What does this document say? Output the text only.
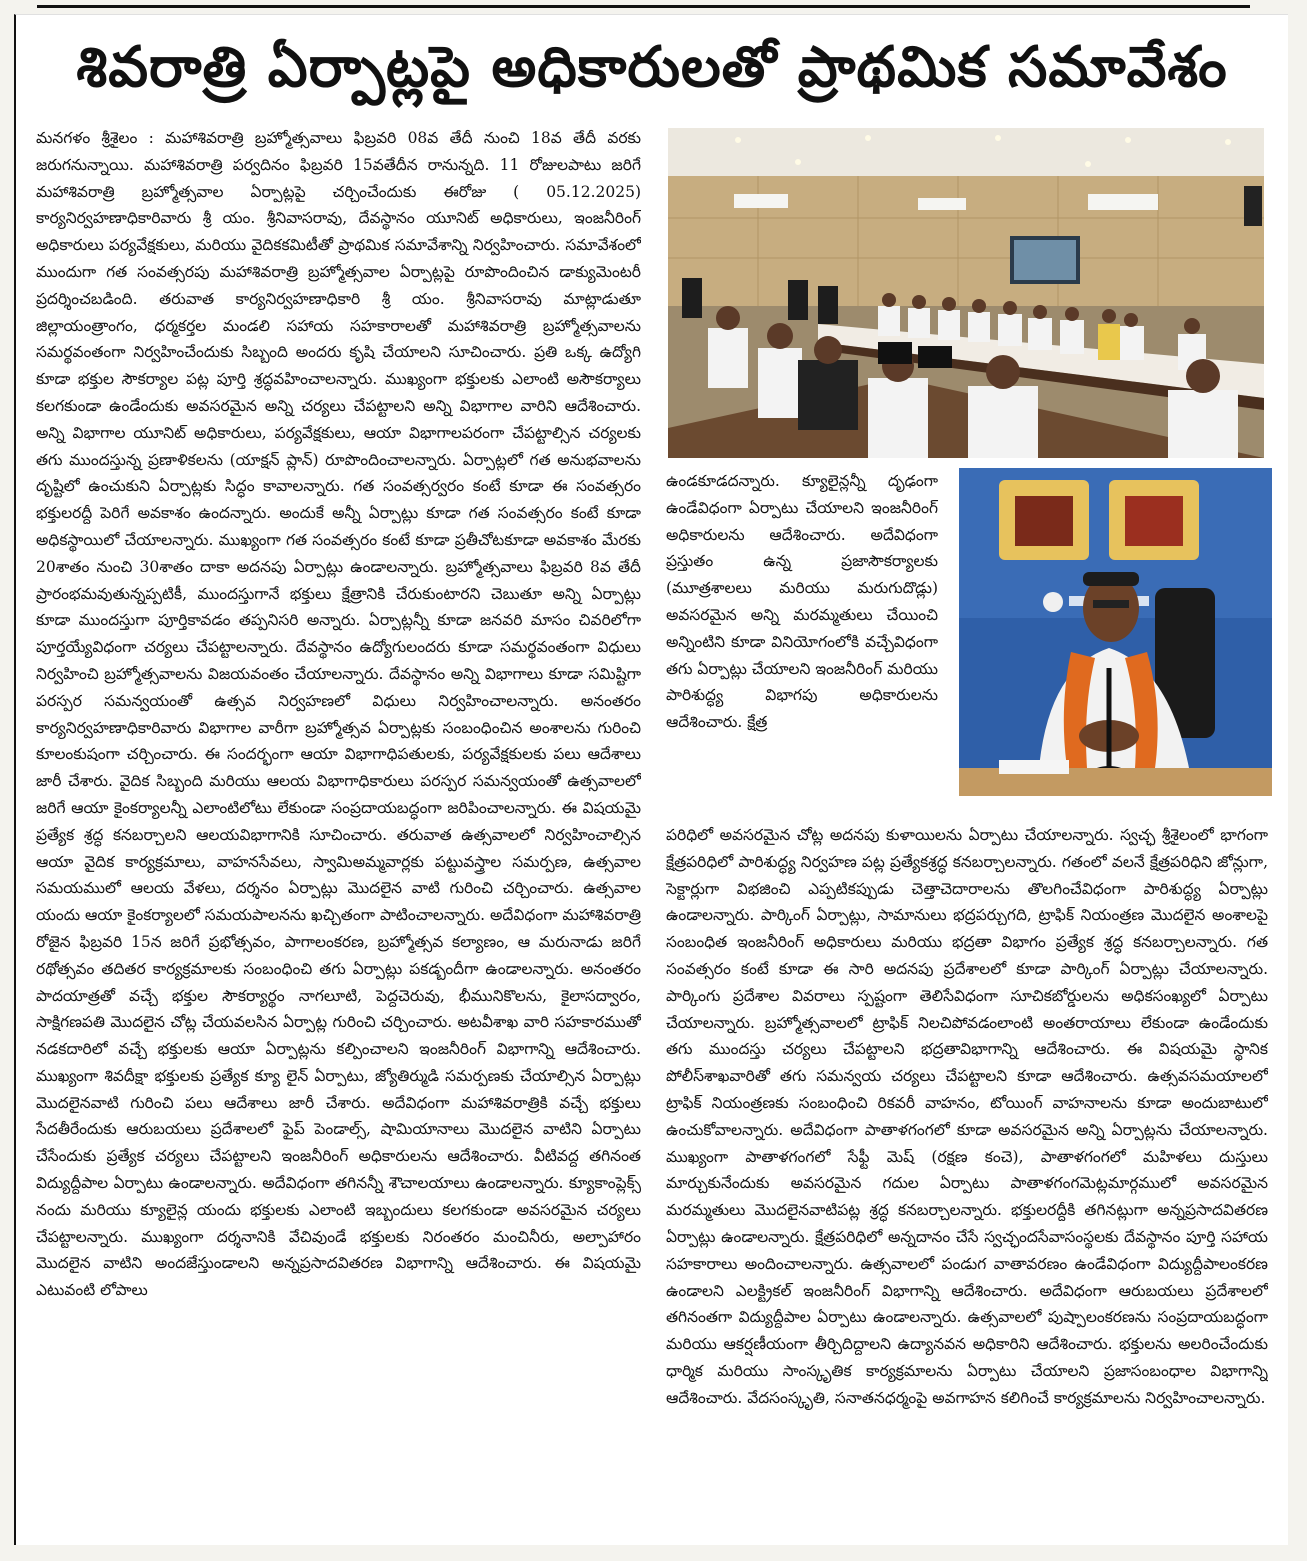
శివరాత్రి ఏర్పాట్లపై అధికారులతో ప్రాథమిక సమావేశం

మనగళం శ్రీశైలం : మహాశివరాత్రి బ్రహ్మోత్సవాలు ఫిబ్రవరి 08వ తేదీ నుంచి 18వ తేదీ వరకు జరుగనున్నాయి. మహాశివరాత్రి పర్వదినం ఫిబ్రవరి 15వతేదీన రానున్నది. 11 రోజులపాటు జరిగే మహాశివరాత్రి బ్రహ్మోత్సవాల ఏర్పాట్లపై చర్చించేందుకు ఈరోజు ( 05.12.2025) కార్యనిర్వహణాధికారివారు శ్రీ యం. శ్రీనివాసరావు, దేవస్థానం యూనిట్ అధికారులు, ఇంజనీరింగ్ అధికారులు పర్యవేక్షకులు, మరియు వైదికకమిటీతో ప్రాథమిక సమావేశాన్ని నిర్వహించారు. సమావేశంలో ముందుగా గత సంవత్సరపు మహాశివరాత్రి బ్రహ్మోత్సవాల ఏర్పాట్లపై రూపొందించిన డాక్యుమెంటరీ ప్రదర్శించబడింది. తరువాత కార్యనిర్వహణాధికారి శ్రీ యం. శ్రీనివాసరావు మాట్లాడుతూ జిల్లాయంత్రాంగం, ధర్మకర్తల మండలి సహాయ సహకారాలతో మహాశివరాత్రి బ్రహ్మోత్సవాలను సమర్థవంతంగా నిర్వహించేందుకు సిబ్బంది అందరు కృషి చేయాలని సూచించారు. ప్రతి ఒక్క ఉద్యోగి కూడా భక్తుల సౌకర్యాల పట్ల పూర్తి శ్రద్ధవహించాలన్నారు. ముఖ్యంగా భక్తులకు ఎలాంటి అసౌకర్యాలు కలగకుండా ఉండేందుకు అవసరమైన అన్ని చర్యలు చేపట్టాలని అన్ని విభాగాల వారిని ఆదేశించారు. అన్ని విభాగాల యూనిట్ అధికారులు, పర్యవేక్షకులు, ఆయా విభాగాలపరంగా చేపట్టాల్సిన చర్యలకు తగు ముందస్తున్న ప్రణాళికలను (యాక్షన్ ప్లాన్) రూపొందించాలన్నారు. ఏర్పాట్లలో గత అనుభవాలను దృష్టిలో ఉంచుకుని ఏర్పాట్లకు సిద్ధం కావాలన్నారు. గత సంవత్సర్వరం కంటే కూడా ఈ సంవత్సరం భక్తులరద్దీ పెరిగే అవకాశం ఉందన్నారు. అందుకే అన్నీ ఏర్పాట్లు కూడా గత సంవత్సరం కంటే కూడా అధికస్థాయిలో చేయాలన్నారు. ముఖ్యంగా గత సంవత్సరం కంటే కూడా ప్రతీచోటకూడా అవకాశం మేరకు 20శాతం నుంచి 30శాతం దాకా అదనపు ఏర్పాట్లు ఉండాలన్నారు. బ్రహ్మోత్సవాలు ఫిబ్రవరి 8వ తేదీ ప్రారంభమవుతున్నప్పటికీ, ముందస్తుగానే భక్తులు క్షేత్రానికి చేరుకుంటారని చెబుతూ అన్ని ఏర్పాట్లు కూడా ముందస్తుగా పూర్తికావడం తప్పనిసరి అన్నారు. ఏర్పాట్లన్నీ కూడా జనవరి మాసం చివరిలోగా పూర్తయ్యేవిధంగా చర్యలు చేపట్టాలన్నారు. దేవస్థానం ఉద్యోగులందరు కూడా సమర్థవంతంగా విధులు నిర్వహించి బ్రహ్మోత్సవాలను విజయవంతం చేయాలన్నారు. దేవస్థానం అన్ని విభాగాలు కూడా సమిష్టిగా పరస్పర సమన్వయంతో ఉత్సవ నిర్వహణలో విధులు నిర్వహించాలన్నారు. అనంతరం కార్యనిర్వహణాధికారివారు విభాగాల వారీగా బ్రహ్మోత్సవ ఏర్పాట్లకు సంబంధించిన అంశాలను గురించి కూలంకుషంగా చర్చించారు. ఈ సందర్భంగా ఆయా విభాగాధిపతులకు, పర్యవేక్షకులకు పలు ఆదేశాలు జారీ చేశారు. వైదిక సిబ్బంది మరియు ఆలయ విభాగాధికారులు పరస్పర సమన్వయంతో ఉత్సవాలలో జరిగే ఆయా కైంకర్యాలన్నీ ఎలాంటిలోటు లేకుండా సంప్రదాయబద్ధంగా జరిపించాలన్నారు. ఈ విషయమై ప్రత్యేక శ్రద్ధ కనబర్చాలని ఆలయవిభాగానికి సూచించారు. తరువాత ఉత్సవాలలో నిర్వహించాల్సిన ఆయా వైదిక కార్యక్రమాలు, వాహనసేవలు, స్వామిఅమ్మవార్లకు పట్టువస్త్రాల సమర్పణ, ఉత్సవాల సమయములో ఆలయ వేళలు, దర్శనం ఏర్పాట్లు మొదలైన వాటి గురించి చర్చించారు. ఉత్సవాల యందు ఆయా కైంకర్యాలలో సమయపాలనను ఖచ్చితంగా పాటించాలన్నారు. అదేవిధంగా మహాశివరాత్రి రోజైన ఫిబ్రవరి 15న జరిగే ప్రభోత్సవం, పాగాలంకరణ, బ్రహ్మోత్సవ కల్యాణం, ఆ మరునాడు జరిగే రథోత్సవం తదితర కార్యక్రమాలకు సంబంధించి తగు ఏర్పాట్లు పకడ్బందీగా ఉండాలన్నారు. అనంతరం పాదయాత్రతో వచ్చే భక్తుల సౌకర్యార్థం నాగలూటి, పెద్దచెరువు, భీమునికొలను, కైలాసద్వారం, సాక్షిగణపతి మొదలైన చోట్ల చేయవలసిన ఏర్పాట్ల గురించి చర్చించారు. అటవీశాఖ వారి సహకారముతో నడకదారిలో వచ్చే భక్తులకు ఆయా ఏర్పాట్లను కల్పించాలని ఇంజనీరింగ్ విభాగాన్ని ఆదేశించారు. ముఖ్యంగా శివదీక్షా భక్తులకు ప్రత్యేక క్యూ లైన్ ఏర్పాటు, జ్యోతిర్ముడి సమర్పణకు చేయాల్సిన ఏర్పాట్లు మొదలైనవాటి గురించి పలు ఆదేశాలు జారీ చేశారు. అదేవిధంగా మహాశివరాత్రికి వచ్చే భక్తులు సేదతీరేందుకు ఆరుబయలు ప్రదేశాలలో ఫైప్ పెండాల్స్, షామియానాలు మొదలైన వాటిని ఏర్పాటు చేసేందుకు ప్రత్యేక చర్యలు చేపట్టాలని ఇంజనీరింగ్ అధికారులను ఆదేశించారు. వీటివద్ద తగినంత విద్యుద్దీపాల ఏర్పాటు ఉండాలన్నారు. అదేవిధంగా తగినన్నీ శౌచాలయాలు ఉండాలన్నారు. క్యూకాంప్లెక్స్ నందు మరియు క్యూలైన్ల యందు భక్తులకు ఎలాంటి ఇబ్బందులు కలగకుండా అవసరమైన చర్యలు చేపట్టాలన్నారు. ముఖ్యంగా దర్శనానికి వేచివుండే భక్తులకు నిరంతరం మంచినీరు, అల్పాహారం మొదలైన వాటిని అందజేస్తుండాలని అన్నప్రసాదవితరణ విభాగాన్ని ఆదేశించారు. ఈ విషయమై ఎటువంటి లోపాలు

ఉండకూడదన్నారు. క్యూలైన్లన్నీ దృఢంగా ఉండేవిధంగా ఏర్పాటు చేయాలని ఇంజనీరింగ్ అధికారులను ఆదేశించారు. అదేవిధంగా ప్రస్తుతం ఉన్న ప్రజాసౌకర్యాలకు (మూత్రశాలలు మరియు మరుగుదొడ్లు) అవసరమైన అన్ని మరమ్మతులు చేయించి అన్నింటిని కూడా వినియోగంలోకి వచ్చేవిధంగా తగు ఏర్పాట్లు చేయాలని ఇంజనీరింగ్ మరియు పారిశుద్ధ్య విభాగపు అధికారులను ఆదేశించారు. క్షేత్ర

పరిధిలో అవసరమైన చోట్ల అదనపు కుళాయిలను ఏర్పాటు చేయాలన్నారు. స్వచ్ఛ శ్రీశైలంలో భాగంగా క్షేత్రపరిధిలో పారిశుద్ధ్య నిర్వహణ పట్ల ప్రత్యేకశ్రద్ధ కనబర్చాలన్నారు. గతంలో వలనే క్షేత్రపరిధిని జోన్లుగా, సెక్టార్లుగా విభజించి ఎప్పటికప్పుడు చెత్తాచెదారాలను తొలగించేవిధంగా పారిశుద్ధ్య ఏర్పాట్లు ఉండాలన్నారు. పార్కింగ్ ఏర్పాట్లు, సామానులు భద్రపర్చుగది, ట్రాఫిక్ నియంత్రణ మొదలైన అంశాలపై సంబంధిత ఇంజనీరింగ్ అధికారులు మరియు భద్రతా విభాగం ప్రత్యేక శ్రద్ధ కనబర్చాలన్నారు. గత సంవత్సరం కంటే కూడా ఈ సారి అదనపు ప్రదేశాలలో కూడా పార్కింగ్ ఏర్పాట్లు చేయాలన్నారు. పార్కింగు ప్రదేశాల వివరాలు స్పష్టంగా తెలిసేవిధంగా సూచికబోర్డులను అధికసంఖ్యలో ఏర్పాటు చేయాలన్నారు. బ్రహ్మోత్సవాలలో ట్రాఫిక్ నిలచిపోవడంలాంటి అంతరాయాలు లేకుండా ఉండేందుకు తగు ముందస్తు చర్యలు చేపట్టాలని భద్రతావిభాగాన్ని ఆదేశించారు. ఈ విషయమై స్థానిక పోలీస్‌శాఖవారితో తగు సమన్వయ చర్యలు చేపట్టాలని కూడా ఆదేశించారు. ఉత్సవసమయాలలో ట్రాఫిక్ నియంత్రణకు సంబంధించి రికవరీ వాహనం, టోయింగ్ వాహనాలను కూడా అందుబాటులో ఉంచుకోవాలన్నారు. అదేవిధంగా పాతాళగంగలో కూడా అవసరమైన అన్ని ఏర్పాట్లను చేయాలన్నారు. ముఖ్యంగా పాతాళగంగలో సేఫ్టీ మెష్ (రక్షణ కంచె), పాతాళగంగలో మహిళలు దుస్తులు మార్చుకునేందుకు అవసరమైన గదుల ఏర్పాటు పాతాళగంగమెట్లమార్గములో అవసరమైన మరమ్మతులు మొదలైనవాటిపట్ల శ్రద్ధ కనబర్చాలన్నారు. భక్తులరద్దీకి తగినట్లుగా అన్నప్రసాదవితరణ ఏర్పాట్లు ఉండాలన్నారు. క్షేత్రపరిధిలో అన్నదానం చేసే స్వచ్ఛందసేవాసంస్థలకు దేవస్థానం పూర్తి సహాయ సహకారాలు అందించాలన్నారు. ఉత్సవాలలో పండుగ వాతావరణం ఉండేవిధంగా విద్యుద్దీపాలంకరణ ఉండాలని ఎలక్ట్రికల్ ఇంజనీరింగ్ విభాగాన్ని ఆదేశించారు. అదేవిధంగా ఆరుబయలు ప్రదేశాలలో తగినంతగా విద్యుద్దీపాల ఏర్పాటు ఉండాలన్నారు. ఉత్సవాలలో పుష్పాలంకరణను సంప్రదాయబద్ధంగా మరియు ఆకర్షణీయంగా తీర్చిదిద్దాలని ఉద్యానవన అధికారిని ఆదేశించారు. భక్తులను అలరించేందుకు ధార్మిక మరియు సాంస్కృతిక కార్యక్రమాలను ఏర్పాటు చేయాలని ప్రజాసంబంధాల విభాగాన్ని ఆదేశించారు. వేదసంస్కృతి, సనాతనధర్మంపై అవగాహన కలిగించే కార్యక్రమాలను నిర్వహించాలన్నారు.
